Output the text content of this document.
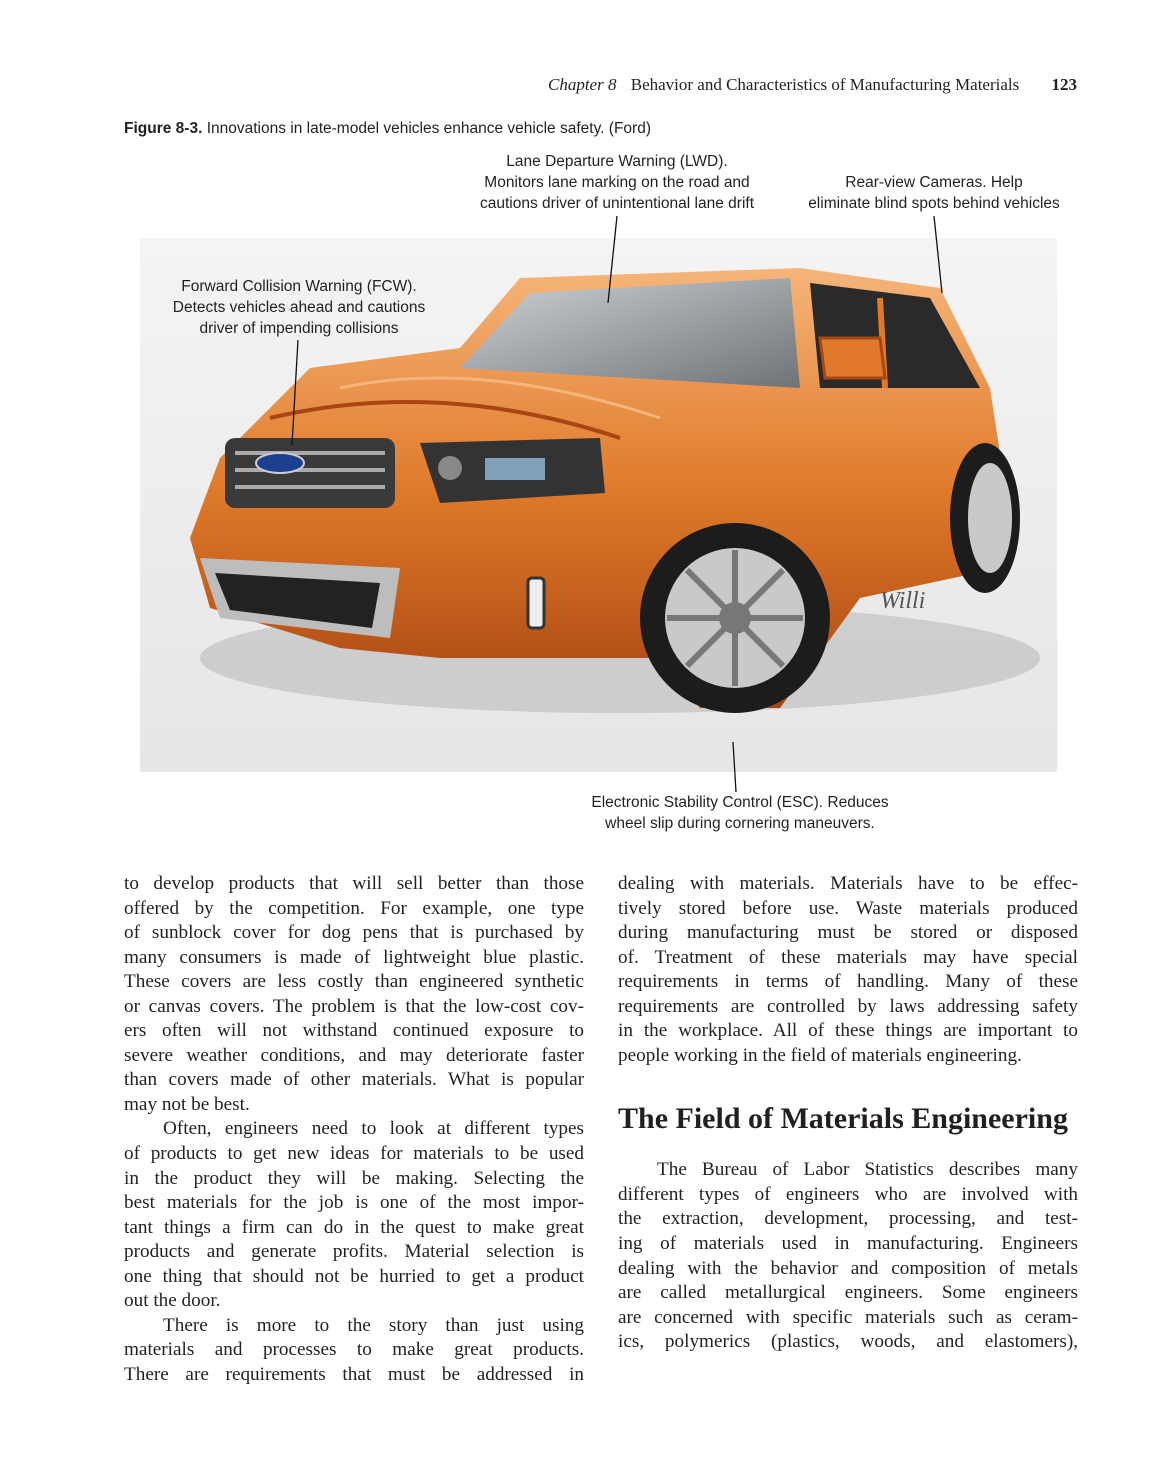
Chapter 8 Behavior and Characteristics of Manufacturing Materials 123
Figure 8-3. Innovations in late-model vehicles enhance vehicle safety. (Ford)
Willi
Lane Departure Warning (LWD).
Monitors lane marking on the road and
cautions driver of unintentional lane drift
Rear-view Cameras. Help
eliminate blind spots behind vehicles
Forward Collision Warning (FCW).
Detects vehicles ahead and cautions
driver of impending collisions
Electronic Stability Control (ESC). Reduces
wheel slip during cornering maneuvers.
to develop products that will sell better than those
offered by the competition. For example, one type
of sunblock cover for dog pens that is purchased by
many consumers is made of lightweight blue plastic.
These covers are less costly than engineered synthetic
or canvas covers. The problem is that the low-cost cov-
ers often will not withstand continued exposure to
severe weather conditions, and may deteriorate faster
than covers made of other materials. What is popular
may not be best.
Often, engineers need to look at different types
of products to get new ideas for materials to be used
in the product they will be making. Selecting the
best materials for the job is one of the most impor-
tant things a firm can do in the quest to make great
products and generate profits. Material selection is
one thing that should not be hurried to get a product
out the door.
There is more to the story than just using
materials and processes to make great products.
There are requirements that must be addressed in
dealing with materials. Materials have to be effec-
tively stored before use. Waste materials produced
during manufacturing must be stored or disposed
of. Treatment of these materials may have special
requirements in terms of handling. Many of these
requirements are controlled by laws addressing safety
in the workplace. All of these things are important to
people working in the field of materials engineering.
The Field of Materials Engineering
The Bureau of Labor Statistics describes many
different types of engineers who are involved with
the extraction, development, processing, and test-
ing of materials used in manufacturing. Engineers
dealing with the behavior and composition of metals
are called metallurgical engineers. Some engineers
are concerned with specific materials such as ceram-
ics, polymerics (plastics, woods, and elastomers),
